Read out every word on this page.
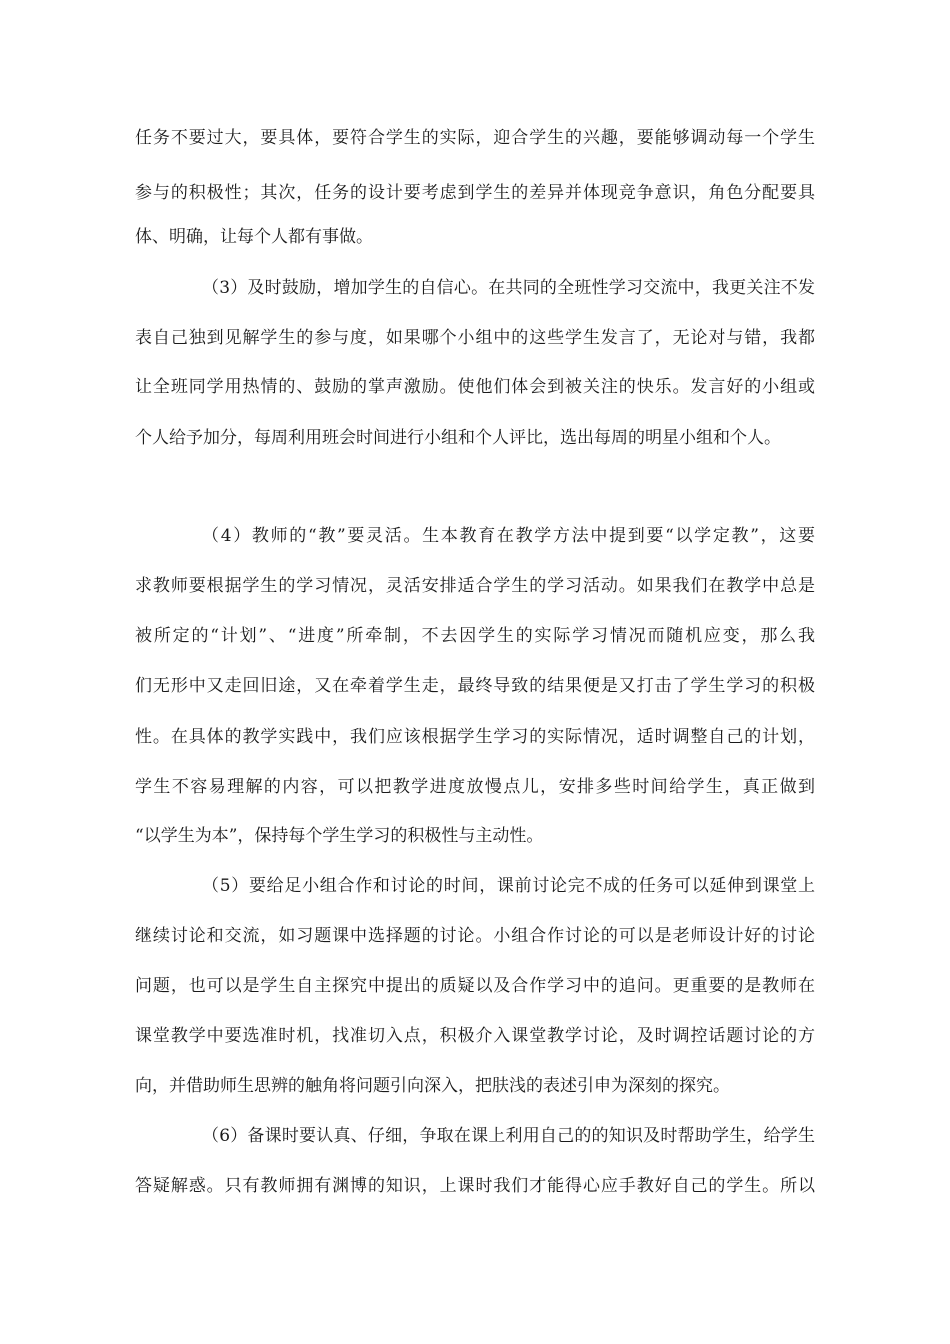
任务不要过大，要具体，要符合学生的实际，迎合学生的兴趣，要能够调动每一个学生
参与的积极性；其次，任务的设计要考虑到学生的差异并体现竞争意识，角色分配要具
体、明确，让每个人都有事做。
（3）及时鼓励，增加学生的自信心。在共同的全班性学习交流中，我更关注不发
表自己独到见解学生的参与度，如果哪个小组中的这些学生发言了，无论对与错，我都
让全班同学用热情的、鼓励的掌声激励。使他们体会到被关注的快乐。发言好的小组或
个人给予加分，每周利用班会时间进行小组和个人评比，选出每周的明星小组和个人。
（4）教师的“教”要灵活。生本教育在教学方法中提到要“以学定教”，这要
求教师要根据学生的学习情况，灵活安排适合学生的学习活动。如果我们在教学中总是
被所定的“计划”、“进度”所牵制，不去因学生的实际学习情况而随机应变，那么我
们无形中又走回旧途，又在牵着学生走，最终导致的结果便是又打击了学生学习的积极
性。在具体的教学实践中，我们应该根据学生学习的实际情况，适时调整自己的计划，
学生不容易理解的内容，可以把教学进度放慢点儿，安排多些时间给学生，真正做到
“以学生为本”，保持每个学生学习的积极性与主动性。
（5）要给足小组合作和讨论的时间，课前讨论完不成的任务可以延伸到课堂上
继续讨论和交流，如习题课中选择题的讨论。小组合作讨论的可以是老师设计好的讨论
问题，也可以是学生自主探究中提出的质疑以及合作学习中的追问。更重要的是教师在
课堂教学中要选准时机，找准切入点，积极介入课堂教学讨论，及时调控话题讨论的方
向，并借助师生思辨的触角将问题引向深入，把肤浅的表述引申为深刻的探究。
（6）备课时要认真、仔细，争取在课上利用自己的的知识及时帮助学生，给学生
答疑解惑。只有教师拥有渊博的知识，上课时我们才能得心应手教好自己的学生。所以
